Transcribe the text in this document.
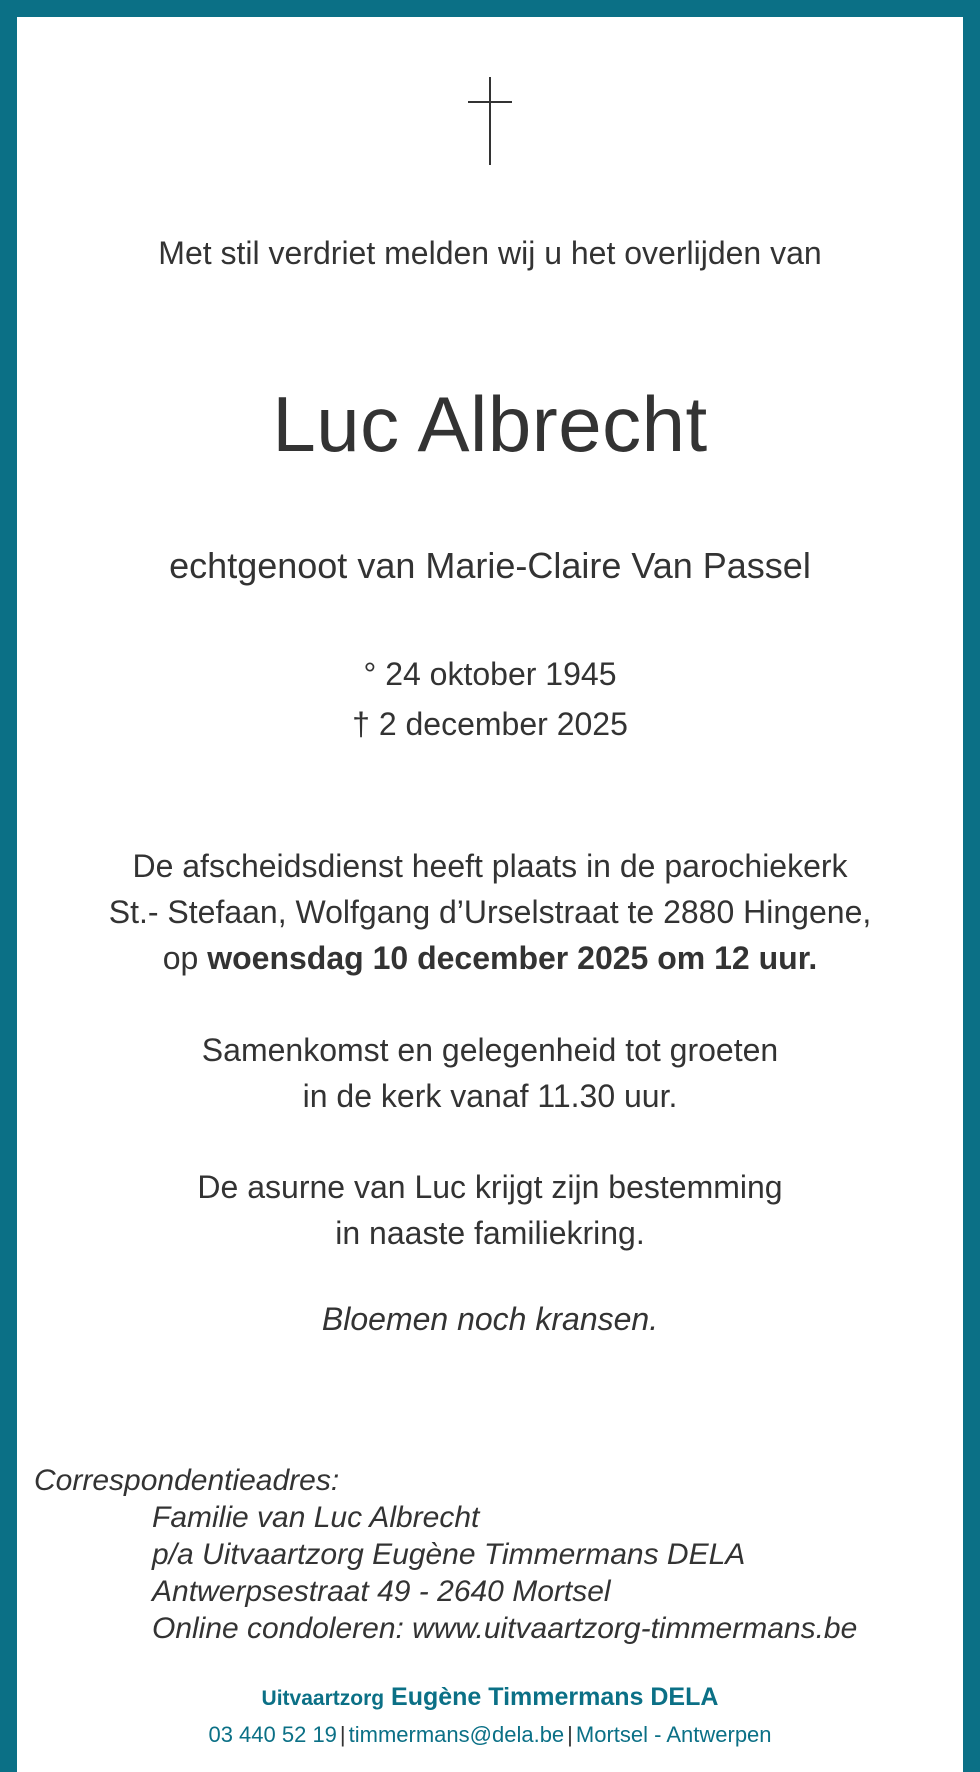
Met stil verdriet melden wij u het overlijden van
Luc Albrecht
echtgenoot van Marie-Claire Van Passel
° 24 oktober 1945
† 2 december 2025
De afscheidsdienst heeft plaats in de parochiekerk
St.- Stefaan, Wolfgang d’Urselstraat te 2880 Hingene,
op woensdag 10 december 2025 om 12 uur.
Samenkomst en gelegenheid tot groeten
in de kerk vanaf 11.30 uur.
De asurne van Luc krijgt zijn bestemming
in naaste familiekring.
Bloemen noch kransen.
Correspondentieadres:
Familie van Luc Albrecht
p/a Uitvaartzorg Eugène Timmermans DELA
Antwerpsestraat 49 - 2640 Mortsel
Online condoleren: www.uitvaartzorg-timmermans.be
Uitvaartzorg Eugène Timmermans DELA
03 440 52 19 | timmermans@dela.be | Mortsel - Antwerpen
